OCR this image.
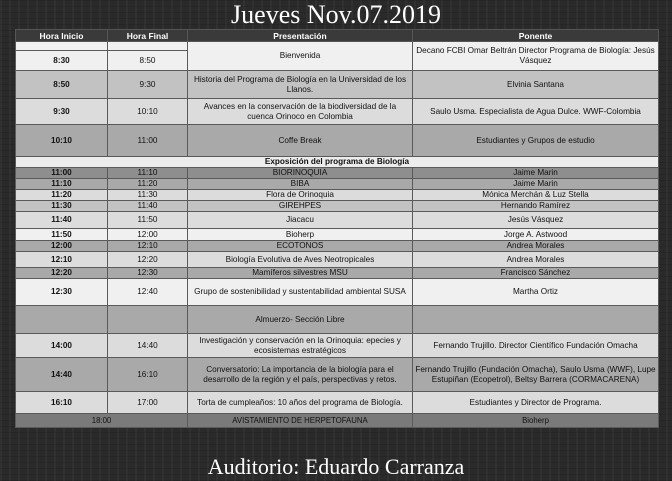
Jueves Nov.07.2019
Hora Inicio	Hora Final	Presentación	Ponente
		Bienvenida	Decano FCBI Omar Beltrán Director Programa de Biología: Jesús Vásquez
8:30	8:50		
8:50	9:30	Historia del Programa de Biología en la Universidad de los Llanos.	Elvinia Santana
9:30	10:10	Avances en la conservación de la biodiversidad de la cuenca Orinoco en Colombia	Saulo Usma. Especialista de Agua Dulce. WWF-Colombia
10:10	11:00	Coffe Break	Estudiantes y Grupos de estudio
Exposición del programa de Biología			
11:00	11:10	BIORINOQUIA	Jaime Marin
11:10	11:20	BIBA	Jaime Marin
11:20	11:30	Flora de Orinoquia	Mónica Merchán & Luz Stella
11:30	11:40	GIREHPES	Hernando Ramírez
11:40	11:50	Jiacacu	Jesús Vásquez
11:50	12:00	Bioherp	Jorge A. Astwood
12:00	12:10	ECOTONOS	Andrea Morales
12:10	12:20	Biología Evolutiva de Aves Neotropicales	Andrea Morales
12:20	12:30	Mamíferos silvestres MSU	Francisco Sánchez
12:30	12:40	Grupo de sostenibilidad y sustentabilidad ambiental SUSA	Martha Ortiz
		Almuerzo- Sección Libre	
14:00	14:40	Investigación y conservación en la Orinoquia: epecies y ecosistemas estratégicos	Fernando Trujillo. Director Científico Fundación Omacha
14:40	16:10	Conversatorio: La importancia de la biología para el desarrollo de la región y el país, perspectivas y retos.	Fernando Trujillo (Fundación Omacha), Saulo Usma (WWF), Lupe Estupiñan (Ecopetrol), Beltsy Barrera (CORMACARENA)
16:10	17:00	Torta de cumpleaños: 10 años del programa de Biología.	Estudiantes y Director de Programa.
18:00		AVISTAMIENTO DE HERPETOFAUNA	Bioherp
Auditorio: Eduardo Carranza
